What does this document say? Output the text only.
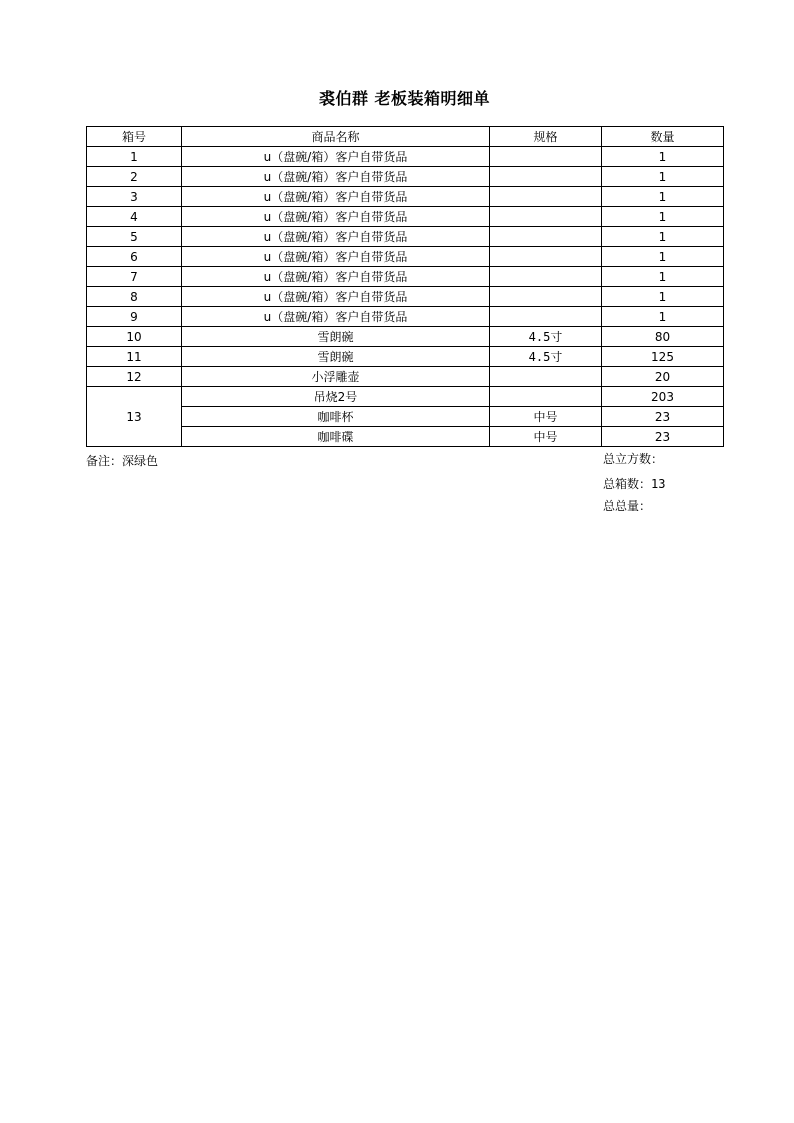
裘伯群 老板装箱明细单
箱号	商品名称	规格	数量
1	u（盘碗/箱）客户自带货品		1
2	u（盘碗/箱）客户自带货品		1
3	u（盘碗/箱）客户自带货品		1
4	u（盘碗/箱）客户自带货品		1
5	u（盘碗/箱）客户自带货品		1
6	u（盘碗/箱）客户自带货品		1
7	u（盘碗/箱）客户自带货品		1
8	u（盘碗/箱）客户自带货品		1
9	u（盘碗/箱）客户自带货品		1
10	雪朗碗	4.5寸	80
11	雪朗碗	4.5寸	125
12	小浮雕壶		20
13	吊烧2号		203
	咖啡杯	中号	23
	咖啡碟	中号	23
备注：深绿色	总立方数：
总箱数：13
总总量：
